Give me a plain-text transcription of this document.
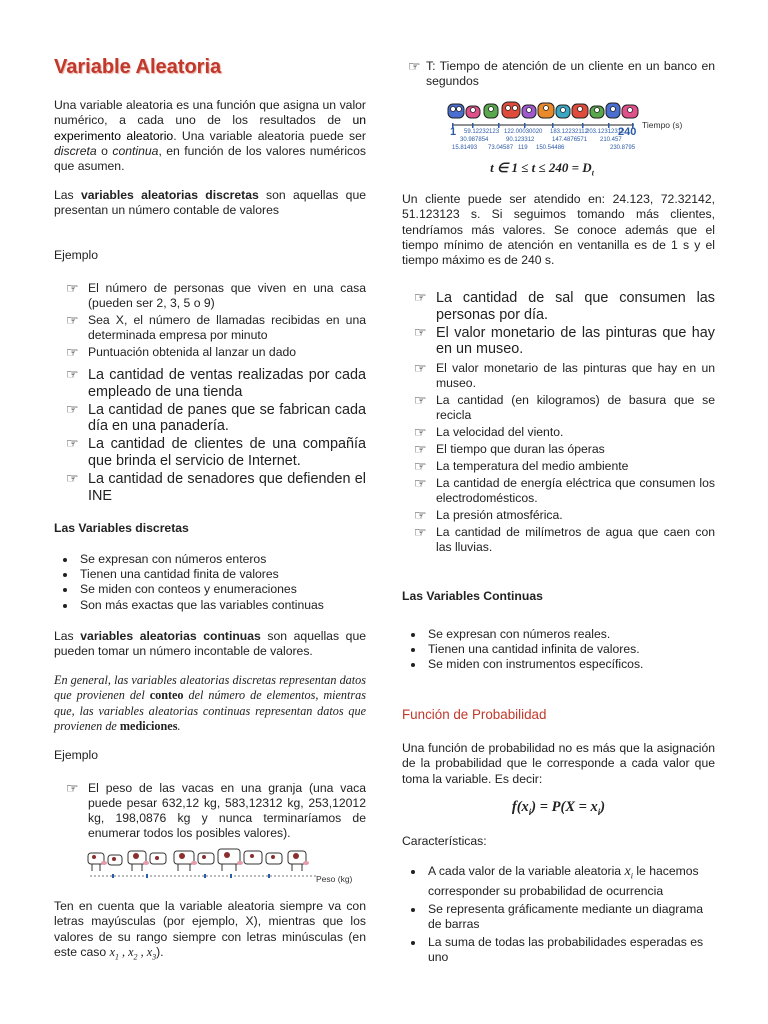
Variable Aleatoria

Una variable aleatoria es una función que asigna un valor numérico, a cada uno de los resultados de un experimento aleatorio. Una variable aleatoria puede ser discreta o continua, en función de los valores numéricos que asumen.

Las variables aleatorias discretas son aquellas que presentan un número contable de valores

Ejemplo

☞ El número de personas que viven en una casa (pueden ser 2, 3, 5 o 9)
☞ Sea X, el número de llamadas recibidas en una determinada empresa por minuto
☞ Puntuación obtenida al lanzar un dado
☞ La cantidad de ventas realizadas por cada empleado de una tienda
☞ La cantidad de panes que se fabrican cada día en una panadería.
☞ La cantidad de clientes de una compañía que brinda el servicio de Internet.
☞ La cantidad de senadores que defienden el INE

Las Variables discretas

Se expresan con números enteros
Tienen una cantidad finita de valores
Se miden con conteos y enumeraciones
Son más exactas que las variables continuas

Las variables aleatorias continuas son aquellas que pueden tomar un número incontable de valores.

En general, las variables aleatorias discretas representan datos que provienen del conteo del número de elementos, mientras que, las variables aleatorias continuas representan datos que provienen de mediciones.

Ejemplo

☞ El peso de las vacas en una granja (una vaca puede pesar 632,12 kg, 583,12312 kg, 253,12012 kg, 198,0876 kg y nunca terminaríamos de enumerar todos los posibles valores).
Peso (kg)

Ten en cuenta que la variable aleatoria siempre va con letras mayúsculas (por ejemplo, X), mientras que los valores de su rango siempre con letras minúsculas (en este caso $x_1$ , $x_2$ , $x_3$).

☞ T: Tiempo de atención de un cliente en un banco en segundos
Tiempo (s)
1	240
59.12232123 122.00030020 183.12232112
203.12312312
30.987854	90.123312	147.4876571 210.457
15.81493 73.04587 119 150.54486	230.8795
t ∈ $1 \le t \le 240 = D_t$

Un cliente puede ser atendido en: 24.123, 72.32142, 51.123123 s. Si seguimos tomando más clientes, tendríamos más valores. Se conoce además que el tiempo mínimo de atención en ventanilla es de 1 s y el tiempo máximo es de 240 s.

☞ La cantidad de sal que consumen las personas por día.
☞ El valor monetario de las pinturas que hay en un museo.
☞ El valor monetario de las pinturas que hay en un museo.
☞ La cantidad (en kilogramos) de basura que se recicla
☞ La velocidad del viento.
☞ El tiempo que duran las óperas
☞ La temperatura del medio ambiente
☞ La cantidad de energía eléctrica que consumen los electrodomésticos.
☞ La presión atmosférica.
☞ La cantidad de milímetros de agua que caen con las lluvias.

Las Variables Continuas

Se expresan con números reales.
Tienen una cantidad infinita de valores.
Se miden con instrumentos específicos.

Función de Probabilidad

Una función de probabilidad no es más que la asignación de la probabilidad que le corresponde a cada valor que toma la variable. Es decir:

$f(x_i) = P(X = x_i)$

Características:

A cada valor de la variable aleatoria $x_i$ le hacemos corresponder su probabilidad de ocurrencia
Se representa gráficamente mediante un diagrama de barras
La suma de todas las probabilidades esperadas es uno
